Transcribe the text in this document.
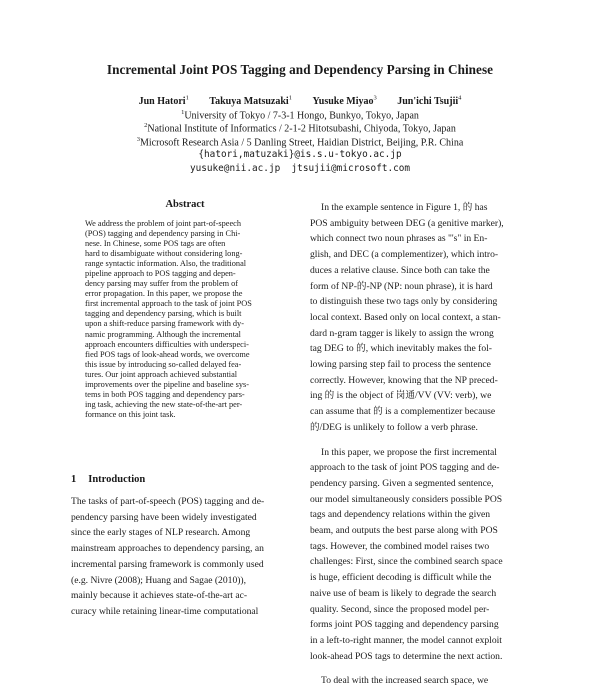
Incremental Joint POS Tagging and Dependency Parsing in Chinese
Jun Hatori$^1$ Takuya Matsuzaki$^1$ Yusuke Miyao$^3$ Jun'ichi Tsujii$^4$
$^1$University of Tokyo / 7-3-1 Hongo, Bunkyo, Tokyo, Japan
$^2$National Institute of Informatics / 2-1-2 Hitotsubashi, Chiyoda, Tokyo, Japan
$^3$Microsoft Research Asia / 5 Danling Street, Haidian District, Beijing, P.R. China
{hatori,matuzaki}@is.s.u-tokyo.ac.jp
yusuke@nii.ac.jp  jtsujii@microsoft.com
Abstract
We address the problem of joint part-of-speech
(POS) tagging and dependency parsing in Chi-
nese. In Chinese, some POS tags are often
hard to disambiguate without considering long-
range syntactic information. Also, the traditional
pipeline approach to POS tagging and depen-
dency parsing may suffer from the problem of
error propagation. In this paper, we propose the
first incremental approach to the task of joint POS
tagging and dependency parsing, which is built
upon a shift-reduce parsing framework with dy-
namic programming. Although the incremental
approach encounters difficulties with underspeci-
fied POS tags of look-ahead words, we overcome
this issue by introducing so-called delayed fea-
tures. Our joint approach achieved substantial
improvements over the pipeline and baseline sys-
tems in both POS tagging and dependency pars-
ing task, achieving the new state-of-the-art per-
formance on this joint task.
1 Introduction
The tasks of part-of-speech (POS) tagging and de-
pendency parsing have been widely investigated
since the early stages of NLP research. Among
mainstream approaches to dependency parsing, an
incremental parsing framework is commonly used
(e.g. Nivre (2008); Huang and Sagae (2010)),
mainly because it achieves state-of-the-art ac-
curacy while retaining linear-time computational
In the example sentence in Figure 1, 的 has
POS ambiguity between DEG (a genitive marker),
which connect two noun phrases as "'s" in En-
glish, and DEC (a complementizer), which intro-
duces a relative clause. Since both can take the
form of NP-的-NP (NP: noun phrase), it is hard
to distinguish these two tags only by considering
local context. Based only on local context, a stan-
dard n-gram tagger is likely to assign the wrong
tag DEG to 的, which inevitably makes the fol-
lowing parsing step fail to process the sentence
correctly. However, knowing that the NP preced-
ing 的 is the object of 岗通/VV (VV: verb), we
can assume that 的 is a complementizer because
的/DEG is unlikely to follow a verb phrase.
In this paper, we propose the first incremental
approach to the task of joint POS tagging and de-
pendency parsing. Given a segmented sentence,
our model simultaneously considers possible POS
tags and dependency relations within the given
beam, and outputs the best parse along with POS
tags. However, the combined model raises two
challenges: First, since the combined search space
is huge, efficient decoding is difficult while the
naive use of beam is likely to degrade the search
quality. Second, since the proposed model per-
forms joint POS tagging and dependency parsing
in a left-to-right manner, the model cannot exploit
look-ahead POS tags to determine the next action.
To deal with the increased search space, we
